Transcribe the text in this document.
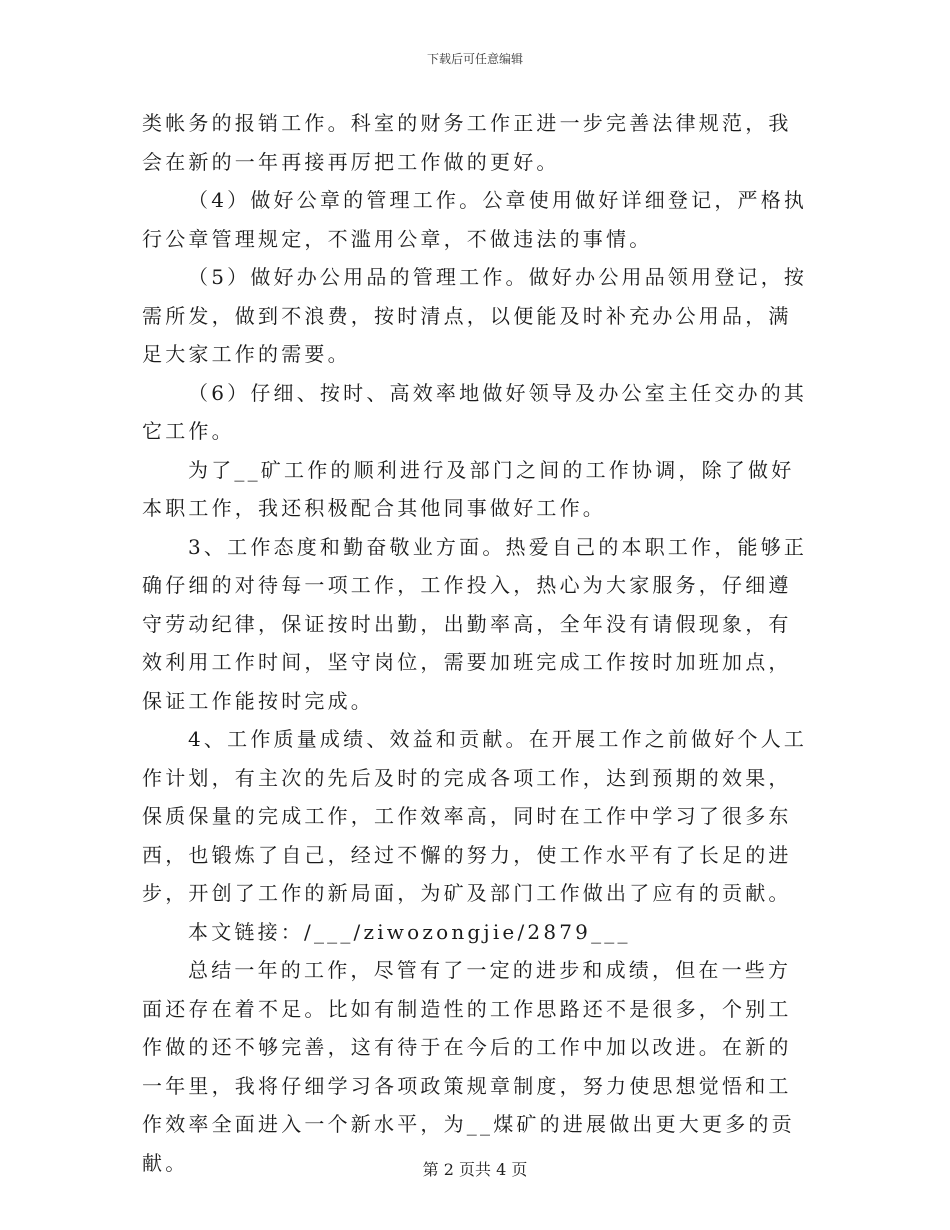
下载后可任意编辑

类帐务的报销工作。科室的财务工作正进一步完善法律规范，我会在新的一年再接再厉把工作做的更好。

（4）做好公章的管理工作。公章使用做好详细登记，严格执行公章管理规定，不滥用公章，不做违法的事情。

（5）做好办公用品的管理工作。做好办公用品领用登记，按需所发，做到不浪费，按时清点，以便能及时补充办公用品，满足大家工作的需要。

（6）仔细、按时、高效率地做好领导及办公室主任交办的其它工作。

为了__矿工作的顺利进行及部门之间的工作协调，除了做好本职工作，我还积极配合其他同事做好工作。

3、工作态度和勤奋敬业方面。热爱自己的本职工作，能够正确仔细的对待每一项工作，工作投入，热心为大家服务，仔细遵守劳动纪律，保证按时出勤，出勤率高，全年没有请假现象，有效利用工作时间，坚守岗位，需要加班完成工作按时加班加点，保证工作能按时完成。

4、工作质量成绩、效益和贡献。在开展工作之前做好个人工作计划，有主次的先后及时的完成各项工作，达到预期的效果，保质保量的完成工作，工作效率高，同时在工作中学习了很多东西，也锻炼了自己，经过不懈的努力，使工作水平有了长足的进步，开创了工作的新局面，为矿及部门工作做出了应有的贡献。

本文链接：/___/ziwozongjie/2879___

总结一年的工作，尽管有了一定的进步和成绩，但在一些方面还存在着不足。比如有制造性的工作思路还不是很多，个别工作做的还不够完善，这有待于在今后的工作中加以改进。在新的一年里，我将仔细学习各项政策规章制度，努力使思想觉悟和工作效率全面进入一个新水平，为__煤矿的进展做出更大更多的贡献。	第 2 页共 4 页
